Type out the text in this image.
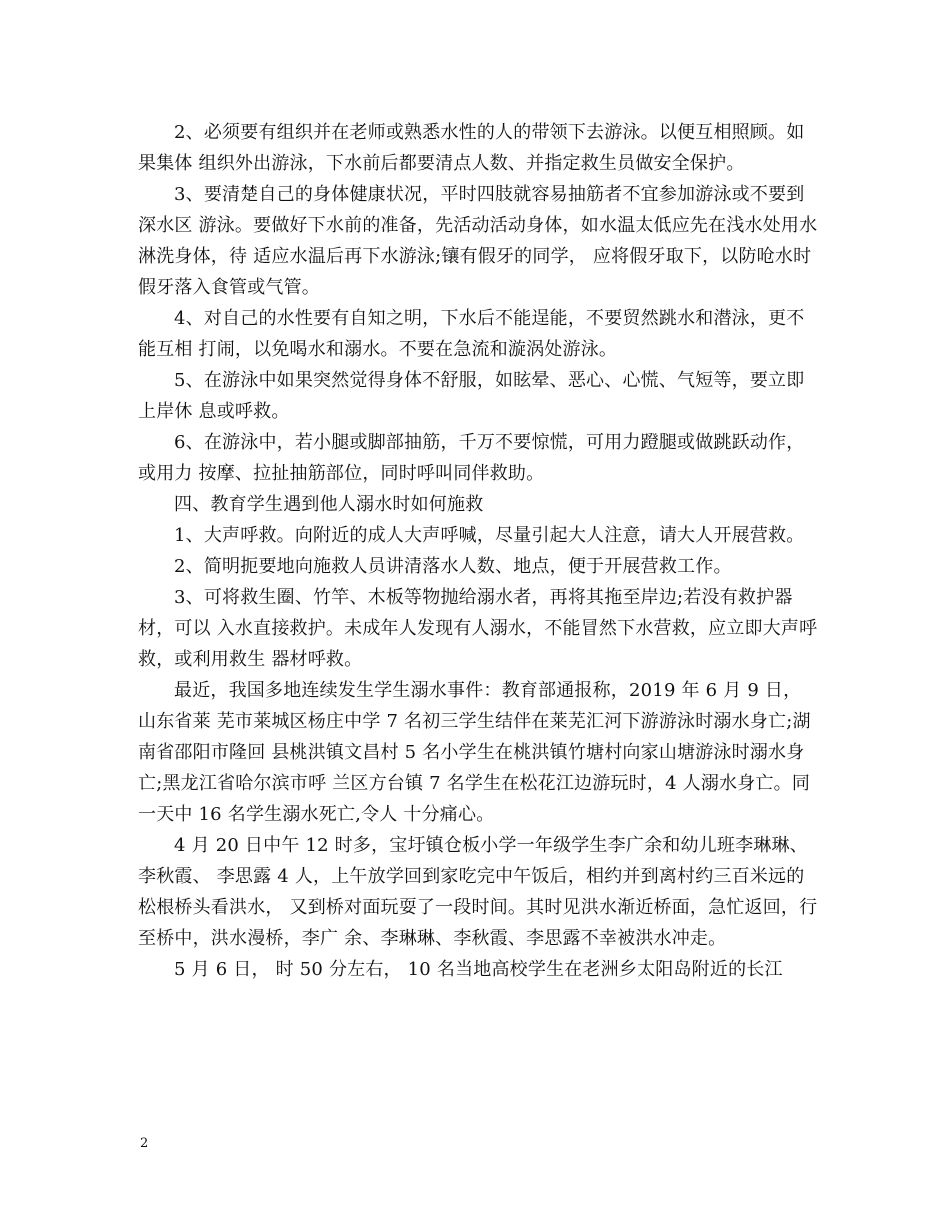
2、必须要有组织并在老师或熟悉水性的人的带领下去游泳。以便互相照顾。如果集体 组织外出游泳，下水前后都要清点人数、并指定救生员做安全保护。

3、要清楚自己的身体健康状况，平时四肢就容易抽筋者不宜参加游泳或不要到深水区 游泳。要做好下水前的准备，先活动活动身体，如水温太低应先在浅水处用水淋洗身体，待 适应水温后再下水游泳;镶有假牙的同学， 应将假牙取下，以防呛水时假牙落入食管或气管。

4、对自己的水性要有自知之明，下水后不能逞能，不要贸然跳水和潜泳，更不能互相 打闹，以免喝水和溺水。不要在急流和漩涡处游泳。

5、在游泳中如果突然觉得身体不舒服，如眩晕、恶心、心慌、气短等，要立即上岸休 息或呼救。

6、在游泳中，若小腿或脚部抽筋，千万不要惊慌，可用力蹬腿或做跳跃动作，或用力 按摩、拉扯抽筋部位，同时呼叫同伴救助。

四、教育学生遇到他人溺水时如何施救

1、大声呼救。向附近的成人大声呼喊，尽量引起大人注意，请大人开展营救。

2、简明扼要地向施救人员讲清落水人数、地点，便于开展营救工作。

3、可将救生圈、竹竿、木板等物抛给溺水者，再将其拖至岸边;若没有救护器材，可以 入水直接救护。未成年人发现有人溺水，不能冒然下水营救，应立即大声呼救，或利用救生 器材呼救。

最近，我国多地连续发生学生溺水事件：教育部通报称，2019 年 6 月 9 日，山东省莱 芜市莱城区杨庄中学 7 名初三学生结伴在莱芜汇河下游游泳时溺水身亡;湖南省邵阳市隆回 县桃洪镇文昌村 5 名小学生在桃洪镇竹塘村向家山塘游泳时溺水身亡;黑龙江省哈尔滨市呼 兰区方台镇 7 名学生在松花江边游玩时，4 人溺水身亡。同一天中 16 名学生溺水死亡,令人 十分痛心。

4 月 20 日中午 12 时多，宝圩镇仓板小学一年级学生李广余和幼儿班李琳琳、李秋霞、 李思露 4 人，上午放学回到家吃完中午饭后，相约并到离村约三百米远的松根桥头看洪水， 又到桥对面玩耍了一段时间。其时见洪水渐近桥面，急忙返回，行至桥中，洪水漫桥，李广 余、李琳琳、李秋霞、李思露不幸被洪水冲走。

5 月 6 日， 时 50 分左右， 10 名当地高校学生在老洲乡太阳岛附近的长江

2
